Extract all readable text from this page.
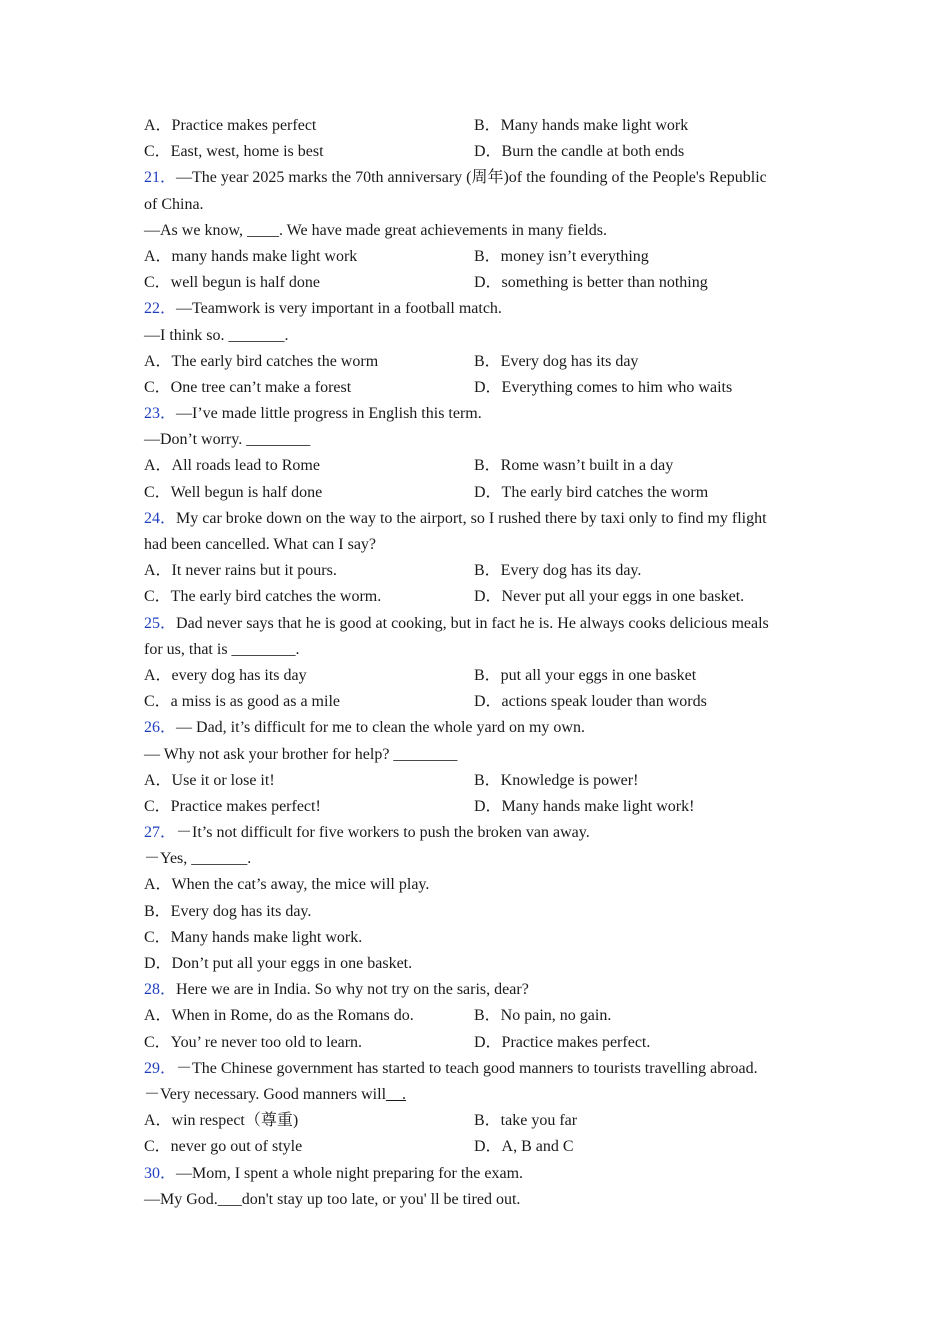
A．Practice makes perfect	B．Many hands make light work
C．East, west, home is best	D．Burn the candle at both ends
21．—The year 2025 marks the 70th anniversary (周年)of the founding of the People's Republic
of China.
—As we know, ____. We have made great achievements in many fields.
A．many hands make light work	B．money isn’t everything
C．well begun is half done	D．something is better than nothing
22．—Teamwork is very important in a football match.
—I think so. _______.
A．The early bird catches the worm	B．Every dog has its day
C．One tree can’t make a forest	D．Everything comes to him who waits
23．—I’ve made little progress in English this term.
—Don’t worry. ________
A．All roads lead to Rome	B．Rome wasn’t built in a day
C．Well begun is half done	D．The early bird catches the worm
24．My car broke down on the way to the airport, so I rushed there by taxi only to find my flight
had been cancelled. What can I say?
A．It never rains but it pours.	B．Every dog has its day.
C．The early bird catches the worm.	D．Never put all your eggs in one basket.
25．Dad never says that he is good at cooking, but in fact he is. He always cooks delicious meals
for us, that is ________.
A．every dog has its day	B．put all your eggs in one basket
C．a miss is as good as a mile	D．actions speak louder than words
26．— Dad, it’s difficult for me to clean the whole yard on my own.
— Why not ask your brother for help? ________
A．Use it or lose it!	B．Knowledge is power!
C．Practice makes perfect!	D．Many hands make light work!
27．－It’s not difficult for five workers to push the broken van away.
－Yes, _______.
A．When the cat’s away, the mice will play.
B．Every dog has its day.
C．Many hands make light work.
D．Don’t put all your eggs in one basket.
28．Here we are in India. So why not try on the saris, dear?
A．When in Rome, do as the Romans do.	B．No pain, no gain.
C．You’ re never too old to learn.	D．Practice makes perfect.
29．－The Chinese government has started to teach good manners to tourists travelling abroad.
－Very necessary. Good manners will__.
A．win respect（尊重)	B．take you far
C．never go out of style	D．A, B and C
30．—Mom, I spent a whole night preparing for the exam.
—My God.___don't stay up too late, or you' ll be tired out.
